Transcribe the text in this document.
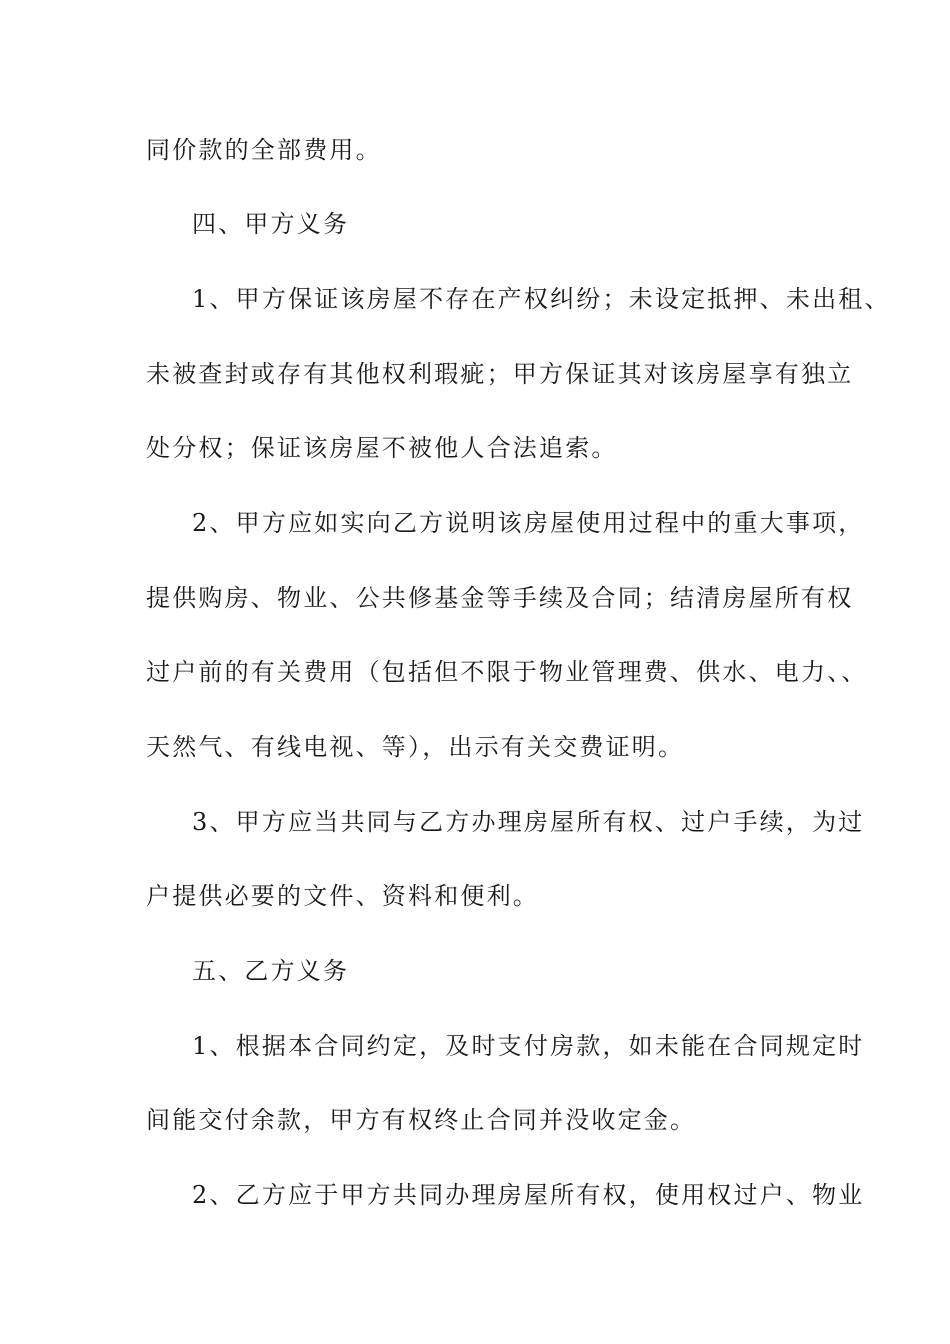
同价款的全部费用。
四、甲方义务
1、甲方保证该房屋不存在产权纠纷；未设定抵押、未出租、
未被查封或存有其他权利瑕疵；甲方保证其对该房屋享有独立
处分权；保证该房屋不被他人合法追索。
2、甲方应如实向乙方说明该房屋使用过程中的重大事项，
提供购房、物业、公共修基金等手续及合同；结清房屋所有权
过户前的有关费用（包括但不限于物业管理费、供水、电力、、
天然气、有线电视、等），出示有关交费证明。
3、甲方应当共同与乙方办理房屋所有权、过户手续，为过
户提供必要的文件、资料和便利。
五、乙方义务
1、根据本合同约定，及时支付房款，如未能在合同规定时
间能交付余款，甲方有权终止合同并没收定金。
2、乙方应于甲方共同办理房屋所有权，使用权过户、物业
